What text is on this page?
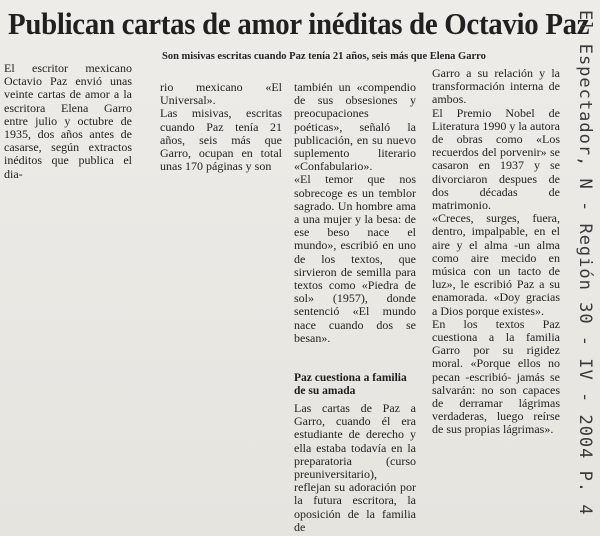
Publican cartas de amor inéditas de Octavio Paz
Son misivas escritas cuando Paz tenía 21 años, seis más que Elena Garro
El escritor mexicano Octavio Paz envió unas veinte cartas de amor a la escritora Elena Garro entre julio y octubre de 1935, dos años antes de casarse, según extractos inéditos que publica el dia-
rio mexicano «El Universal».
Las misivas, escritas cuando Paz tenía 21 años, seis más que Garro, ocupan en total unas 170 páginas y son
también un «compendio de sus obsesiones y preocupaciones poéticas», señaló la publicación, en su nuevo suplemento literario «Confabulario».
«El temor que nos sobrecoge es un temblor sagrado. Un hombre ama a una mujer y la besa: de ese beso nace el mundo», escribió en uno de los textos, que sirvieron de semilla para textos como «Piedra de sol» (1957), donde sentenció «El mundo nace cuando dos se besan».
Paz cuestiona a familia de su amada
Las cartas de Paz a Garro, cuando él era estudiante de derecho y ella estaba todavía en la preparatoria (curso preuniversitario), reflejan su adoración por la futura escritora, la oposición de la familia de
Garro a su relación y la transformación interna de ambos.
El Premio Nobel de Literatura 1990 y la autora de obras como «Los recuerdos del porvenir» se casaron en 1937 y se divorciaron despues de dos décadas de matrimonio.
«Creces, surges, fuera, dentro, impalpable, en el aire y el alma -un alma como aire mecido en música con un tacto de luz», le escribió Paz a su enamorada. «Doy gracias a Dios porque existes».
En los textos Paz cuestiona a la familia Garro por su rigidez moral. «Porque ellos no pecan -escribió- jamás se salvarán: no son capaces de derramar lágrimas verdaderas, luego reírse de sus propias lágrimas».	El Espectador, N - Región 30 - IV - 2004 P. 4
